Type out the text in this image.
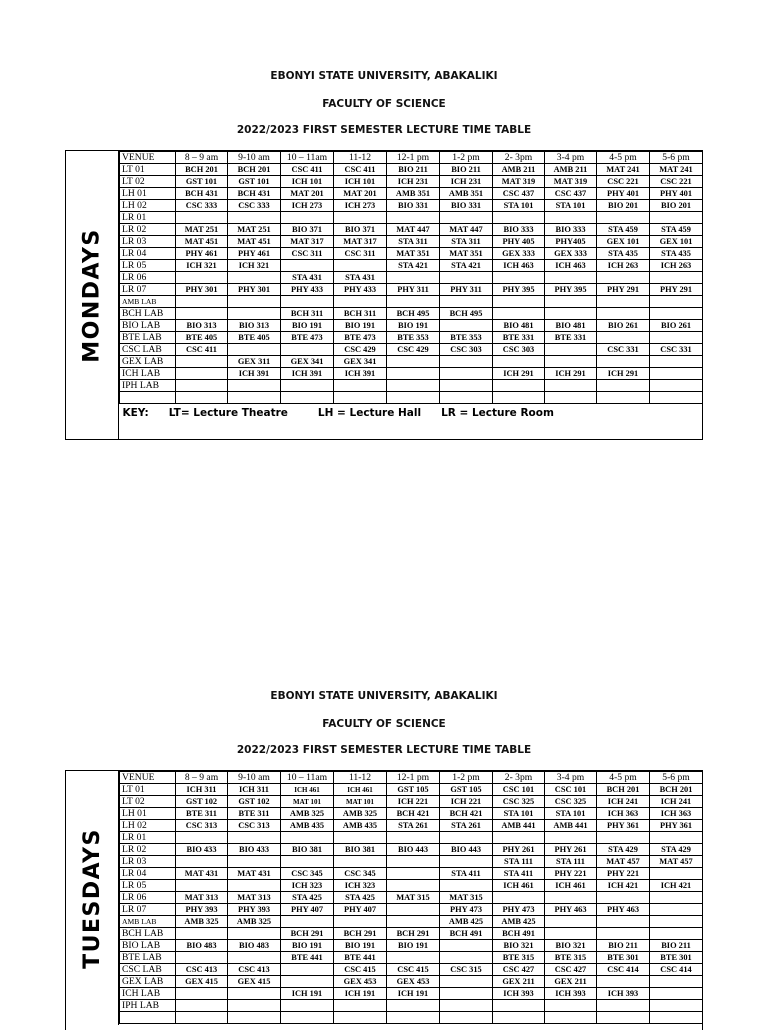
EBONYI STATE UNIVERSITY, ABAKALIKI
FACULTY OF SCIENCE
2022/2023 FIRST SEMESTER LECTURE TIME TABLE
MONDAYS
VENUE	8 – 9 am	9-10 am	10 – 11am	11-12	12-1 pm	1-2 pm	2- 3pm	3-4 pm	4-5 pm	5-6 pm
LT 01	BCH 201	BCH 201	CSC 411	CSC 411	BIO 211	BIO 211	AMB 211	AMB 211	MAT 241	MAT 241
LT 02	GST 101	GST 101	ICH 101	ICH 101	ICH 231	ICH 231	MAT 319	MAT 319	CSC 221	CSC 221
LH 01	BCH 431	BCH 431	MAT 201	MAT 201	AMB 351	AMB 351	CSC 437	CSC 437	PHY 401	PHY 401
LH 02	CSC 333	CSC 333	ICH 273	ICH 273	BIO 331	BIO 331	STA 101	STA 101	BIO 201	BIO 201
LR 01										
LR 02	MAT 251	MAT 251	BIO 371	BIO 371	MAT 447	MAT 447	BIO 333	BIO 333	STA 459	STA 459
LR 03	MAT 451	MAT 451	MAT 317	MAT 317	STA 311	STA 311	PHY 405	PHY405	GEX 101	GEX 101
LR 04	PHY 461	PHY 461	CSC 311	CSC 311	MAT 351	MAT 351	GEX 333	GEX 333	STA 435	STA 435
LR 05	ICH 321	ICH 321			STA 421	STA 421	ICH 463	ICH 463	ICH 263	ICH 263
LR 06			STA 431	STA 431						
LR 07	PHY 301	PHY 301	PHY 433	PHY 433	PHY 311	PHY 311	PHY 395	PHY 395	PHY 291	PHY 291
AMB LAB										
BCH LAB			BCH 311	BCH 311	BCH 495	BCH 495				
BIO LAB	BIO 313	BIO 313	BIO 191	BIO 191	BIO 191		BIO 481	BIO 481	BIO 261	BIO 261
BTE LAB	BTE 405	BTE 405	BTE 473	BTE 473	BTE 353	BTE 353	BTE 331	BTE 331		
CSC LAB	CSC 411			CSC 429	CSC 429	CSC 303	CSC 303		CSC 331	CSC 331
GEX LAB		GEX 311	GEX 341	GEX 341						
ICH LAB		ICH 391	ICH 391	ICH 391			ICH 291	ICH 291	ICH 291	
IPH LAB										

KEY: LT= Lecture Theatre LH = Lecture Hall LR = Lecture Room										
EBONYI STATE UNIVERSITY, ABAKALIKI
FACULTY OF SCIENCE
2022/2023 FIRST SEMESTER LECTURE TIME TABLE
TUESDAYS
VENUE	8 – 9 am	9-10 am	10 – 11am	11-12	12-1 pm	1-2 pm	2- 3pm	3-4 pm	4-5 pm	5-6 pm
LT 01	ICH 311	ICH 311	ICH 461	ICH 461	GST 105	GST 105	CSC 101	CSC 101	BCH 201	BCH 201
LT 02	GST 102	GST 102	MAT 101	MAT 101	ICH 221	ICH 221	CSC 325	CSC 325	ICH 241	ICH 241
LH 01	BTE 311	BTE 311	AMB 325	AMB 325	BCH 421	BCH 421	STA 101	STA 101	ICH 363	ICH 363
LH 02	CSC 313	CSC 313	AMB 435	AMB 435	STA 261	STA 261	AMB 441	AMB 441	PHY 361	PHY 361
LR 01										
LR 02	BIO 433	BIO 433	BIO 381	BIO 381	BIO 443	BIO 443	PHY 261	PHY 261	STA 429	STA 429
LR 03							STA 111	STA 111	MAT 457	MAT 457
LR 04	MAT 431	MAT 431	CSC 345	CSC 345		STA 411	STA 411	PHY 221	PHY 221	
LR 05			ICH 323	ICH 323			ICH 461	ICH 461	ICH 421	ICH 421
LR 06	MAT 313	MAT 313	STA 425	STA 425	MAT 315	MAT 315				
LR 07	PHY 393	PHY 393	PHY 407	PHY 407		PHY 473	PHY 473	PHY 463	PHY 463	
AMB LAB	AMB 325	AMB 325				AMB 425	AMB 425			
BCH LAB			BCH 291	BCH 291	BCH 291	BCH 491	BCH 491			
BIO LAB	BIO 483	BIO 483	BIO 191	BIO 191	BIO 191		BIO 321	BIO 321	BIO 211	BIO 211
BTE LAB			BTE 441	BTE 441			BTE 315	BTE 315	BTE 301	BTE 301
CSC LAB	CSC 413	CSC 413		CSC 415	CSC 415	CSC 315	CSC 427	CSC 427	CSC 414	CSC 414
GEX LAB	GEX 415	GEX 415		GEX 453	GEX 453		GEX 211	GEX 211		
ICH LAB			ICH 191	ICH 191	ICH 191		ICH 393	ICH 393	ICH 393	
IPH LAB										
